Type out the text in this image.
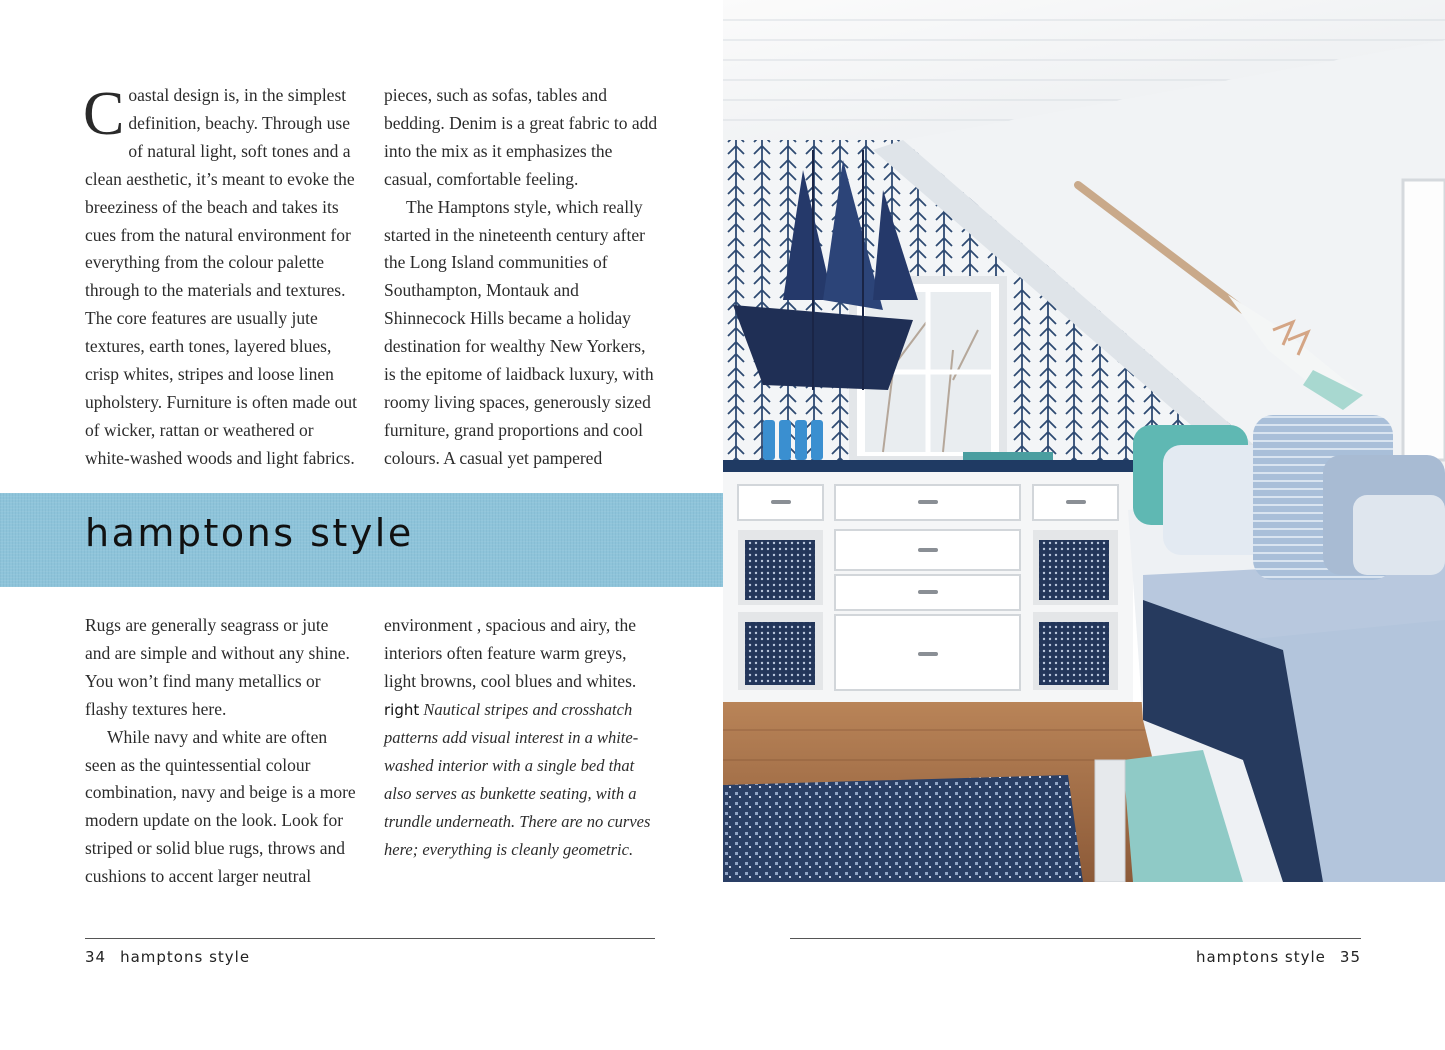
Coastal design is, in the simplest definition, beachy. Through use of natural light, soft tones and a clean aesthetic, it’s meant to evoke the breeziness of the beach and takes its cues from the natural environment for everything from the colour palette through to the materials and textures. The core features are usually jute textures, earth tones, layered blues, crisp whites, stripes and loose linen upholstery. Furniture is often made out of wicker, rattan or weathered or white-washed woods and light fabrics.

pieces, such as sofas, tables and bedding. Denim is a great fabric to add into the mix as it emphasizes the casual, comfortable feeling.

The Hamptons style, which really started in the nineteenth century after the Long Island communities of Southampton, Montauk and Shinnecock Hills became a holiday destination for wealthy New Yorkers, is the epitome of laidback luxury, with roomy living spaces, generously sized furniture, grand proportions and cool colours. A casual yet pampered

hamptons style

Rugs are generally seagrass or jute and are simple and without any shine. You won’t find many metallics or flashy textures here.

While navy and white are often seen as the quintessential colour combination, navy and beige is a more modern update on the look. Look for striped or solid blue rugs, throws and cushions to accent larger neutral

environment , spacious and airy, the interiors often feature warm greys, light browns, cool blues and whites.

right Nautical stripes and crosshatch patterns add visual interest in a white-washed interior with a single bed that also serves as bunkette seating, with a trundle underneath. There are no curves here; everything is cleanly geometric.

34 hamptons style	hamptons style 35
